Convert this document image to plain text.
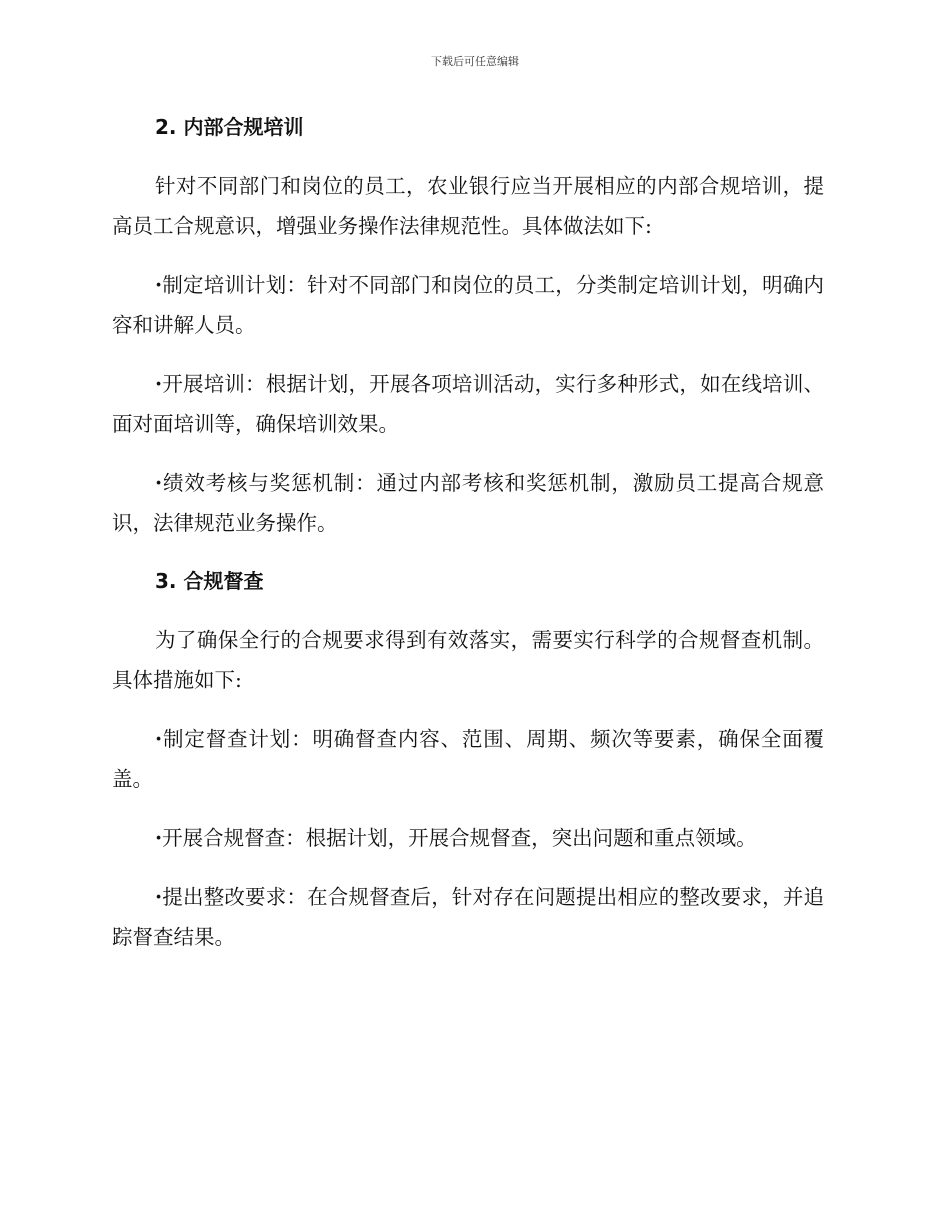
下载后可任意编辑
2. 内部合规培训

针对不同部门和岗位的员工，农业银行应当开展相应的内部合规培训，提高员工合规意识，增强业务操作法律规范性。具体做法如下:

·制定培训计划：针对不同部门和岗位的员工，分类制定培训计划，明确内容和讲解人员。

·开展培训：根据计划，开展各项培训活动，实行多种形式，如在线培训、面对面培训等，确保培训效果。

·绩效考核与奖惩机制：通过内部考核和奖惩机制，激励员工提高合规意识，法律规范业务操作。

3. 合规督查

为了确保全行的合规要求得到有效落实，需要实行科学的合规督查机制。具体措施如下:

·制定督查计划：明确督查内容、范围、周期、频次等要素，确保全面覆盖。

·开展合规督查：根据计划，开展合规督查，突出问题和重点领域。

·提出整改要求：在合规督查后，针对存在问题提出相应的整改要求，并追踪督查结果。
